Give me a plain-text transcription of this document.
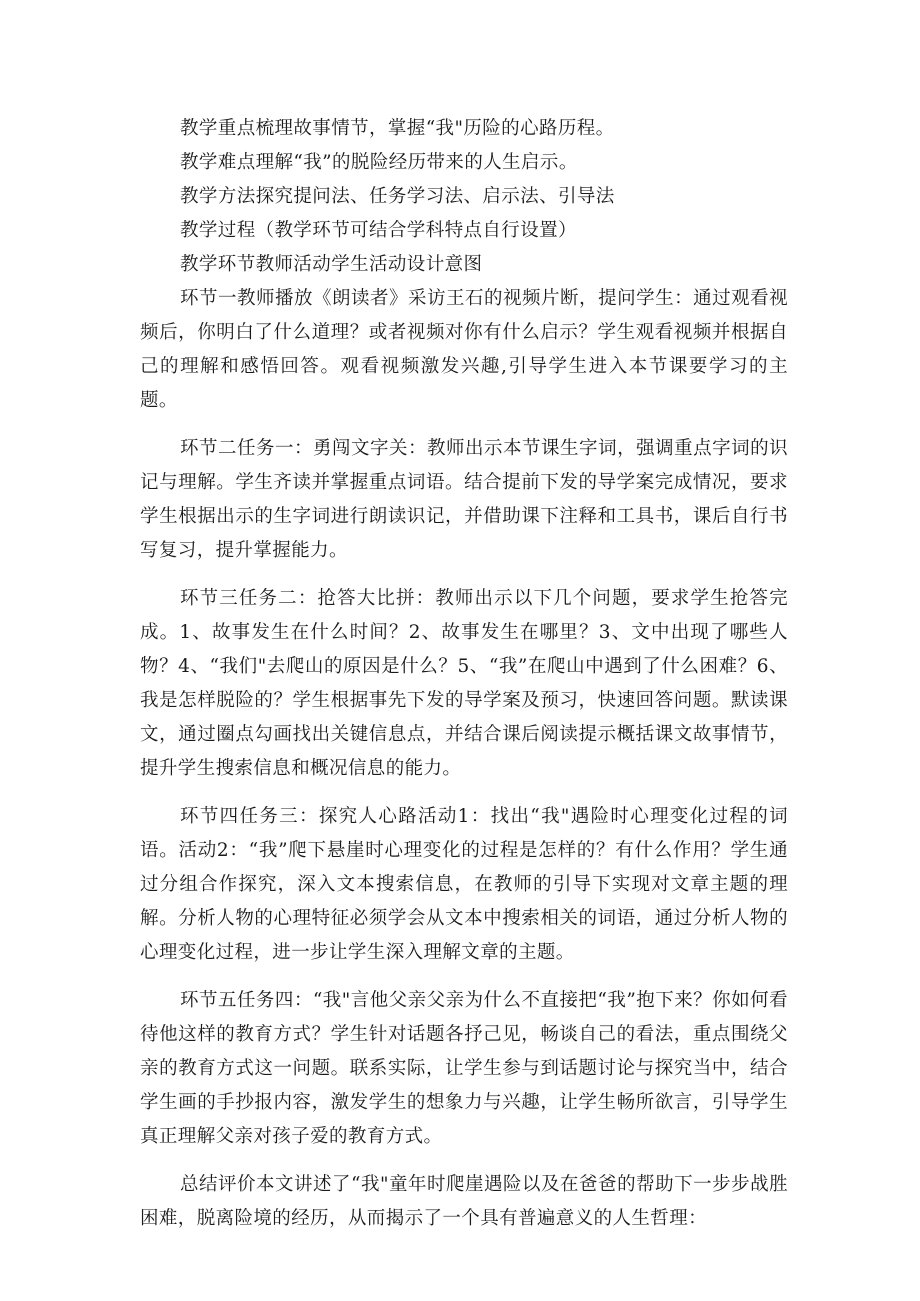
教学重点梳理故事情节，掌握“我"历险的心路历程。

教学难点理解“我”的脱险经历带来的人生启示。

教学方法探究提问法、任务学习法、启示法、引导法

教学过程（教学环节可结合学科特点自行设置）

教学环节教师活动学生活动设计意图

环节一教师播放《朗读者》采访王石的视频片断，提问学生：通过观看视频后，你明白了什么道理？或者视频对你有什么启示？学生观看视频并根据自己的理解和感悟回答。观看视频激发兴趣,引导学生进入本节课要学习的主题。

环节二任务一：勇闯文字关：教师出示本节课生字词，强调重点字词的识记与理解。学生齐读并掌握重点词语。结合提前下发的导学案完成情况，要求学生根据出示的生字词进行朗读识记，并借助课下注释和工具书，课后自行书写复习，提升掌握能力。

环节三任务二：抢答大比拼：教师出示以下几个问题，要求学生抢答完成。1、故事发生在什么时间？2、故事发生在哪里？3、文中出现了哪些人物？4、“我们"去爬山的原因是什么？5、“我”在爬山中遇到了什么困难？6、我是怎样脱险的？学生根据事先下发的导学案及预习，快速回答问题。默读课文，通过圈点勾画找出关键信息点，并结合课后阅读提示概括课文故事情节，提升学生搜索信息和概况信息的能力。

环节四任务三：探究人心路活动1：找出“我"遇险时心理变化过程的词语。活动2：“我”爬下悬崖时心理变化的过程是怎样的？有什么作用？学生通过分组合作探究，深入文本搜索信息，在教师的引导下实现对文章主题的理解。分析人物的心理特征必须学会从文本中搜索相关的词语，通过分析人物的心理变化过程，进一步让学生深入理解文章的主题。

环节五任务四：“我"言他父亲父亲为什么不直接把“我”抱下来？你如何看待他这样的教育方式？学生针对话题各抒己见，畅谈自己的看法，重点围绕父亲的教育方式这一问题。联系实际，让学生参与到话题讨论与探究当中，结合学生画的手抄报内容，激发学生的想象力与兴趣，让学生畅所欲言，引导学生真正理解父亲对孩子爱的教育方式。

总结评价本文讲述了“我"童年时爬崖遇险以及在爸爸的帮助下一步步战胜困难，脱离险境的经历，从而揭示了一个具有普遍意义的人生哲理：
